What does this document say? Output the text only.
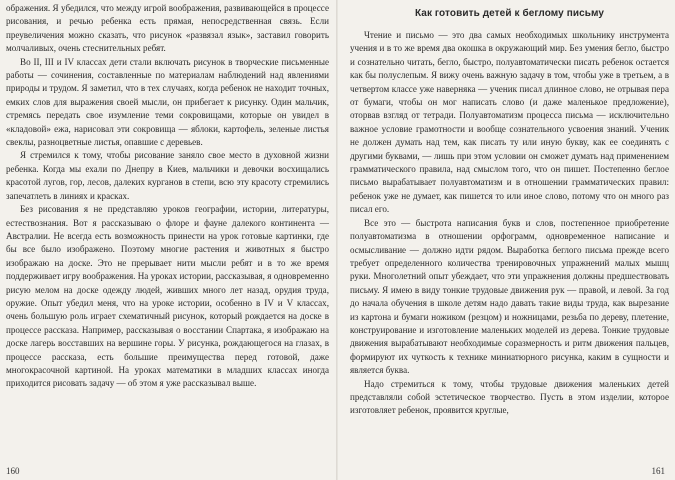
ображения. Я убедился, что между игрой воображения, развивающейся в процессе рисования, и речью ребенка есть прямая, непосредственная связь. Если преувеличения можно сказать, что рисунок «развязал язык», заставил говорить молчаливых, очень стеснительных ребят.

Во II, III и IV классах дети стали включать рисунок в творческие письменные работы — сочинения, составленные по материалам наблюдений над явлениями природы и трудом. Я заметил, что в тех случаях, когда ребенок не находит точных, емких слов для выражения своей мысли, он прибегает к рисунку. Один мальчик, стремясь передать свое изумление теми сокровищами, которые он увидел в «кладовой» ежа, нарисовал эти сокровища — яблоки, картофель, зеленые листья свеклы, разноцветные листья, опавшие с деревьев.

Я стремился к тому, чтобы рисование заняло свое место в духовной жизни ребенка. Когда мы ехали по Днепру в Киев, мальчики и девочки восхищались красотой лугов, гор, лесов, далеких курганов в степи, всю эту красоту стремились запечатлеть в линиях и красках.

Без рисования я не представляю уроков географии, истории, литературы, естествознания. Вот я рассказываю о флоре и фауне далекого континента — Австралии. Не всегда есть возможность принести на урок готовые картинки, где бы все было изображено. Поэтому многие растения и животных я быстро изображаю на доске. Это не прерывает нити мысли ребят и в то же время поддерживает игру воображения. На уроках истории, рассказывая, я одновременно рисую мелом на доске одежду людей, живших много лет назад, орудия труда, оружие. Опыт убедил меня, что на уроке истории, особенно в IV и V классах, очень большую роль играет схематичный рисунок, который рождается на доске в процессе рассказа. Например, рассказывая о восстании Спартака, я изображаю на доске лагерь восставших на вершине горы. У рисунка, рождающегося на глазах, в процессе рассказа, есть большие преимущества перед готовой, даже многокрасочной картиной. На уроках математики в младших классах иногда приходится рисовать задачу — об этом я уже рассказывал выше.

160
Как готовить детей к беглому письму

Чтение и письмо — это два самых необходимых школьнику инструмента учения и в то же время два окошка в окружающий мир. Без умения бегло, быстро и сознательно читать, бегло, быстро, полуавтоматически писать ребенок остается как бы полуслепым. Я вижу очень важную задачу в том, чтобы уже в третьем, а в четвертом классе уже наверняка — ученик писал длинное слово, не отрывая пера от бумаги, чтобы он мог написать слово (и даже маленькое предложение), оторвав взгляд от тетради. Полуавтоматизм процесса письма — исключительно важное условие грамотности и вообще сознательного усвоения знаний. Ученик не должен думать над тем, как писать ту или иную букву, как ее соединять с другими буквами, — лишь при этом условии он сможет думать над применением грамматического правила, над смыслом того, что он пишет. Постепенно беглое письмо вырабатывает полуавтоматизм и в отношении грамматических правил: ребенок уже не думает, как пишется то или иное слово, потому что он много раз писал его.

Все это — быстрота написания букв и слов, постепенное приобретение полуавтоматизма в отношении орфограмм, одновременное написание и осмысливание — должно идти рядом. Выработка беглого письма прежде всего требует определенного количества тренировочных упражнений малых мышц руки. Многолетний опыт убеждает, что эти упражнения должны предшествовать письму. Я имею в виду тонкие трудовые движения рук — правой, и левой. За год до начала обучения в школе детям надо давать такие виды труда, как вырезание из картона и бумаги ножиком (резцом) и ножницами, резьба по дереву, плетение, конструирование и изготовление маленьких моделей из дерева. Тонкие трудовые движения вырабатывают необходимые соразмерность и ритм движения пальцев, формируют их чуткость к технике миниатюрного рисунка, каким в сущности и является буква.

Надо стремиться к тому, чтобы трудовые движения маленьких детей представляли собой эстетическое творчество. Пусть в этом изделии, которое изготовляет ребенок, проявится круглые,

161
